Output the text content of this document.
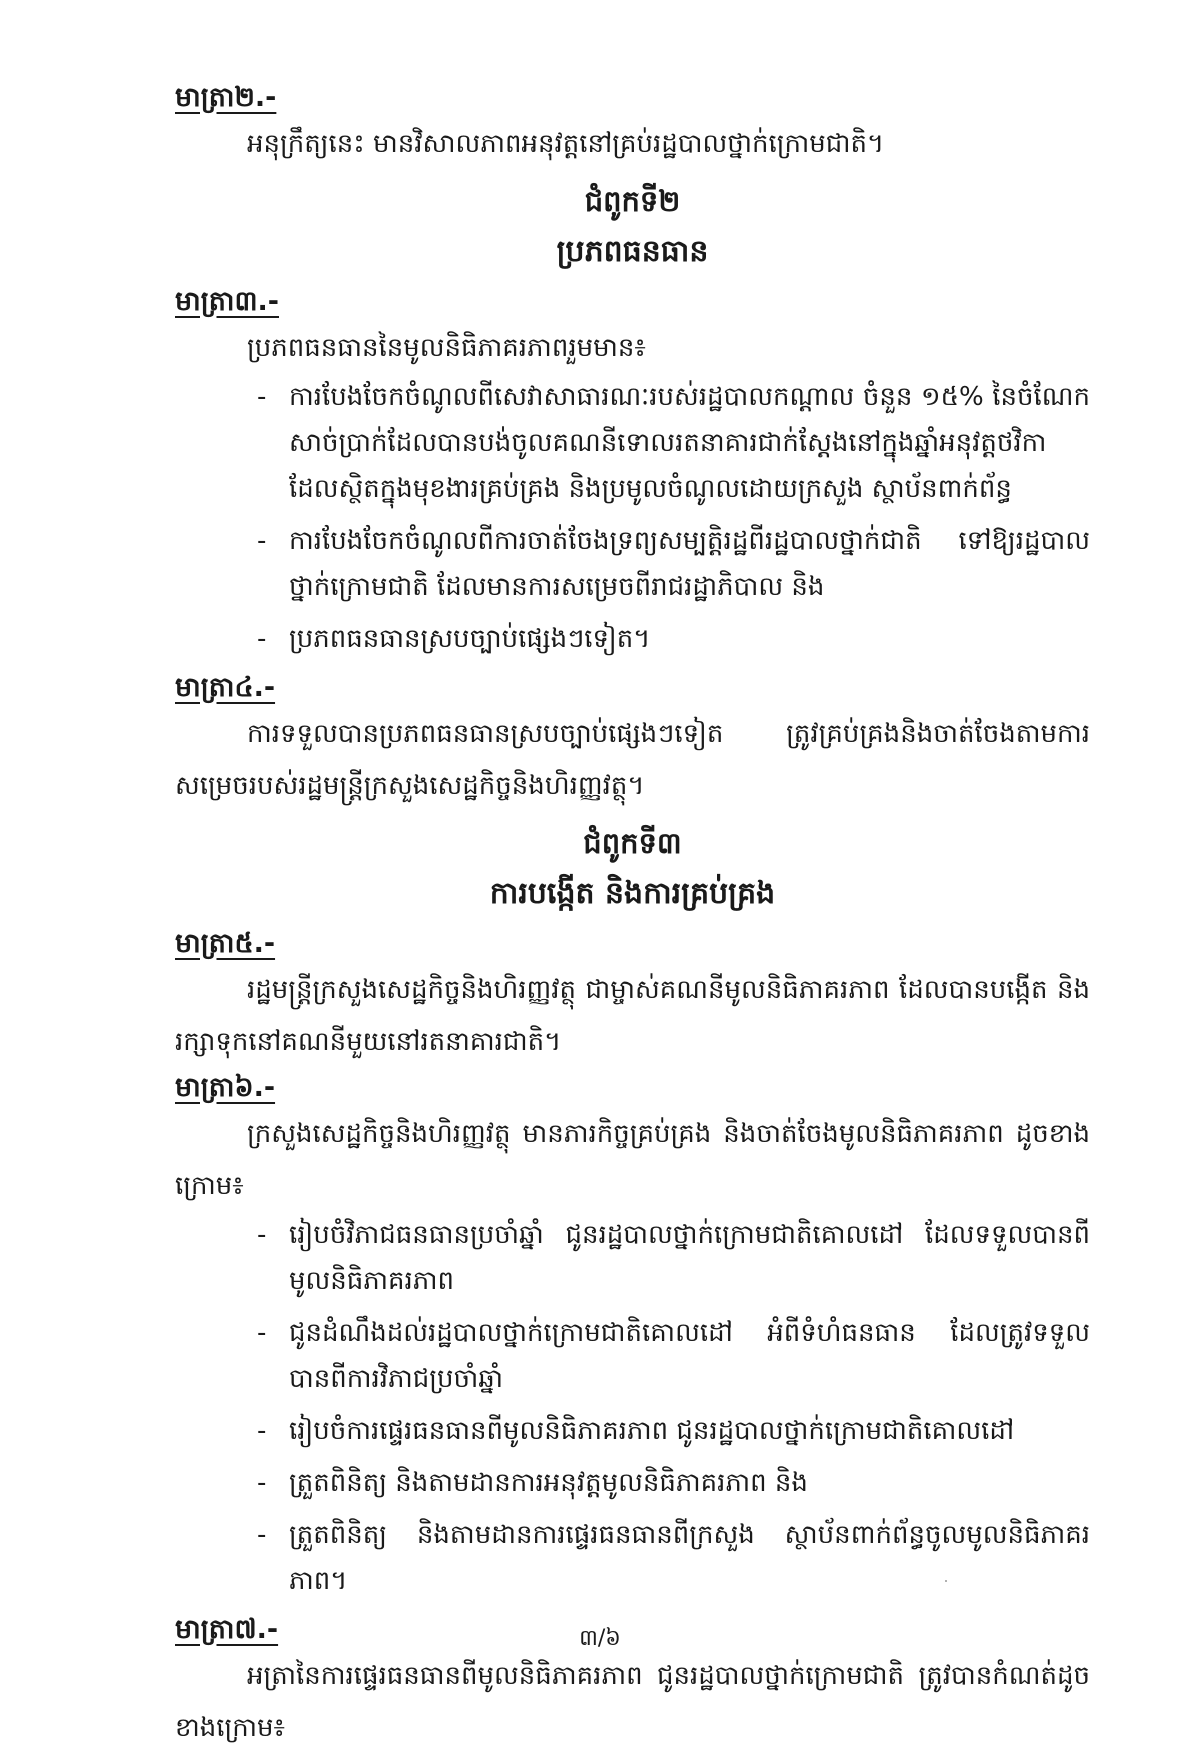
មាត្រា២.-

អនុក្រឹត្យនេះ មានវិសាលភាពអនុវត្តនៅគ្រប់រដ្ឋបាលថ្នាក់ក្រោមជាតិ។

ជំពូកទី២
ប្រភពធនធាន
មាត្រា៣.-

ប្រភពធនធាននៃមូលនិធិភាគរភាពរួមមាន៖

- ការបែងចែកចំណូលពីសេវាសាធារណៈរបស់រដ្ឋបាលកណ្ដាល ចំនួន ១៥% នៃចំណែកសាច់ប្រាក់ដែលបានបង់ចូលគណនីទោលរតនាគារជាក់ស្ដែងនៅក្នុងឆ្នាំអនុវត្តថវិកា ដែលស្ថិតក្នុងមុខងារគ្រប់គ្រង និងប្រមូលចំណូលដោយក្រសួង ស្ថាប័នពាក់ព័ន្ធ
- ការបែងចែកចំណូលពីការចាត់ចែងទ្រព្យសម្បត្តិរដ្ឋពីរដ្ឋបាលថ្នាក់ជាតិ ទៅឱ្យរដ្ឋបាលថ្នាក់ក្រោមជាតិ ដែលមានការសម្រេចពីរាជរដ្ឋាភិបាល និង
- ប្រភពធនធានស្របច្បាប់ផ្សេងៗទៀត។
មាត្រា៤.-

ការទទួលបានប្រភពធនធានស្របច្បាប់ផ្សេងៗទៀត ត្រូវគ្រប់គ្រងនិងចាត់ចែងតាមការសម្រេចរបស់រដ្ឋមន្ត្រីក្រសួងសេដ្ឋកិច្ចនិងហិរញ្ញវត្ថុ។

ជំពូកទី៣
ការបង្កើត និងការគ្រប់គ្រង
មាត្រា៥.-

រដ្ឋមន្ត្រីក្រសួងសេដ្ឋកិច្ចនិងហិរញ្ញវត្ថុ ជាម្ចាស់គណនីមូលនិធិភាគរភាព ដែលបានបង្កើត និងរក្សាទុកនៅគណនីមួយនៅរតនាគារជាតិ។

មាត្រា៦.-

ក្រសួងសេដ្ឋកិច្ចនិងហិរញ្ញវត្ថុ មានភារកិច្ចគ្រប់គ្រង និងចាត់ចែងមូលនិធិភាគរភាព ដូចខាងក្រោម៖

- រៀបចំវិភាជធនធានប្រចាំឆ្នាំ ជូនរដ្ឋបាលថ្នាក់ក្រោមជាតិគោលដៅ ដែលទទួលបានពីមូលនិធិភាគរភាព
- ជូនដំណឹងដល់រដ្ឋបាលថ្នាក់ក្រោមជាតិគោលដៅ អំពីទំហំធនធាន ដែលត្រូវទទួលបានពីការវិភាជប្រចាំឆ្នាំ
- រៀបចំការផ្ទេរធនធានពីមូលនិធិភាគរភាព ជូនរដ្ឋបាលថ្នាក់ក្រោមជាតិគោលដៅ
- ត្រួតពិនិត្យ និងតាមដានការអនុវត្តមូលនិធិភាគរភាព និង
- ត្រួតពិនិត្យ និងតាមដានការផ្ទេរធនធានពីក្រសួង ស្ថាប័នពាក់ព័ន្ធចូលមូលនិធិភាគរភាព។
មាត្រា៧.-

អត្រានៃការផ្ទេរធនធានពីមូលនិធិភាគរភាព ជូនរដ្ឋបាលថ្នាក់ក្រោមជាតិ ត្រូវបានកំណត់ដូចខាងក្រោម៖

៣/៦
